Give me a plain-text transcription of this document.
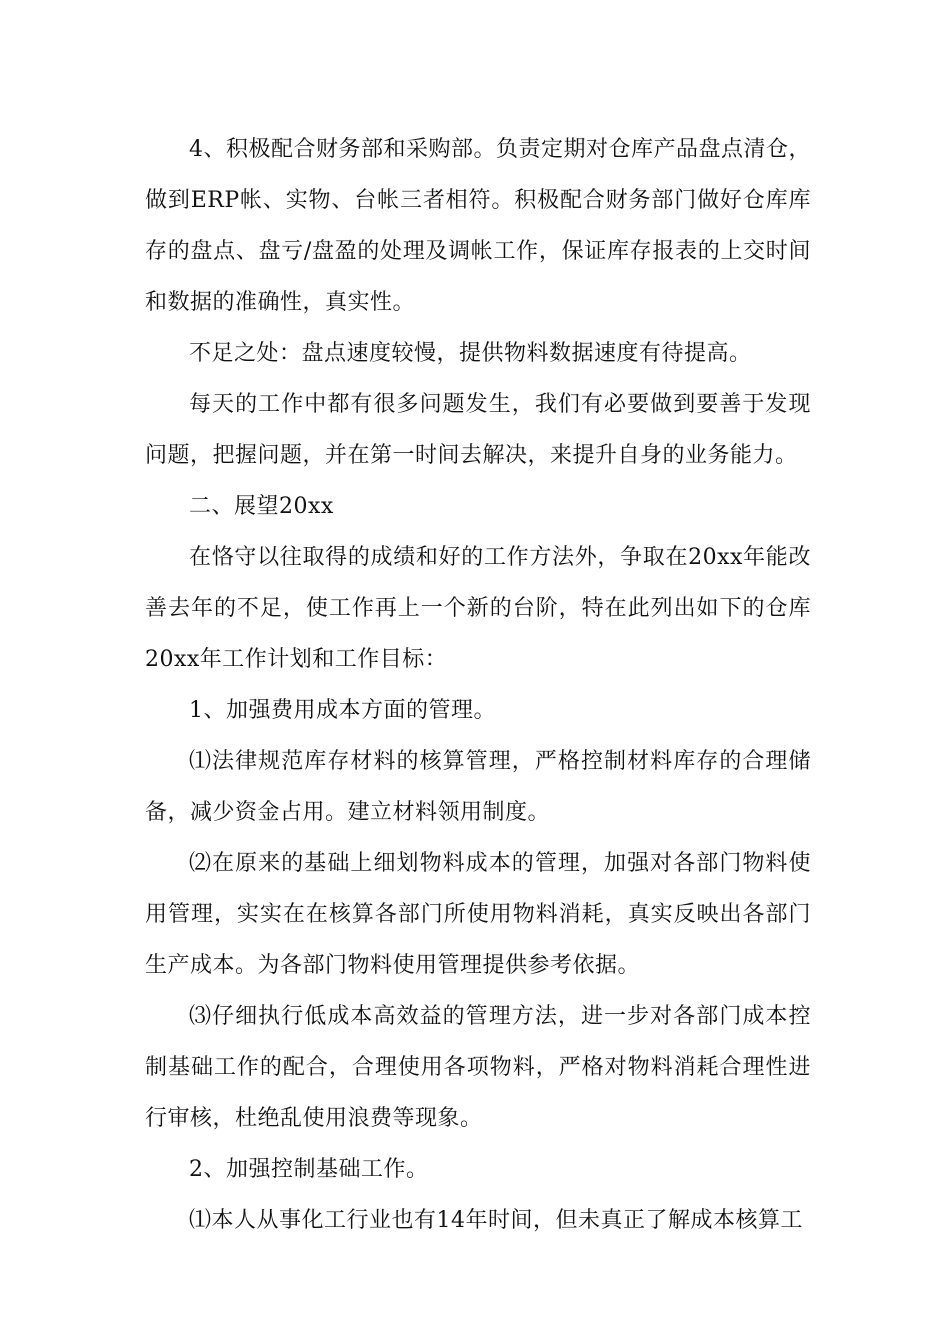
4、积极配合财务部和采购部。负责定期对仓库产品盘点清仓，做到ERP帐、实物、台帐三者相符。积极配合财务部门做好仓库库存的盘点、盘亏/盘盈的处理及调帐工作，保证库存报表的上交时间和数据的准确性，真实性。

不足之处：盘点速度较慢，提供物料数据速度有待提高。

每天的工作中都有很多问题发生，我们有必要做到要善于发现问题，把握问题，并在第一时间去解决，来提升自身的业务能力。

二、展望20xx

在恪守以往取得的成绩和好的工作方法外，争取在20xx年能改善去年的不足，使工作再上一个新的台阶，特在此列出如下的仓库20xx年工作计划和工作目标：

1、加强费用成本方面的管理。

⑴法律规范库存材料的核算管理，严格控制材料库存的合理储备，减少资金占用。建立材料领用制度。

⑵在原来的基础上细划物料成本的管理，加强对各部门物料使用管理，实实在在核算各部门所使用物料消耗，真实反映出各部门生产成本。为各部门物料使用管理提供参考依据。

⑶仔细执行低成本高效益的管理方法，进一步对各部门成本控制基础工作的配合，合理使用各项物料，严格对物料消耗合理性进行审核，杜绝乱使用浪费等现象。

2、加强控制基础工作。

⑴本人从事化工行业也有14年时间，但未真正了解成本核算工
